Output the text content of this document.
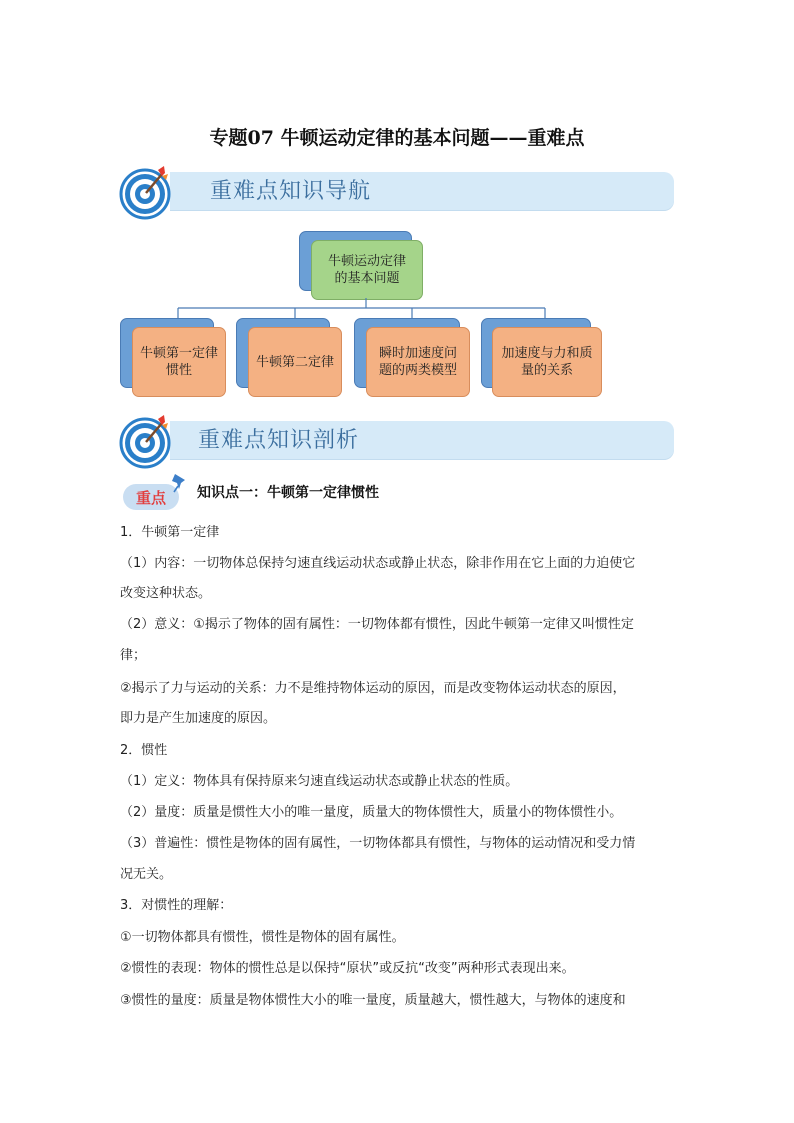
专题07 牛顿运动定律的基本问题——重难点
重难点知识导航
牛顿运动定律的基本问题
牛顿第一定律 惯性
牛顿第二定律
瞬时加速度问题的两类模型
加速度与力和质量的关系
重难点知识剖析
重点	知识点一：牛顿第一定律惯性
1．牛顿第一定律
（1）内容：一切物体总保持匀速直线运动状态或静止状态，除非作用在它上面的力迫使它
改变这种状态。
（2）意义：①揭示了物体的固有属性：一切物体都有惯性，因此牛顿第一定律又叫惯性定
律；
②揭示了力与运动的关系：力不是维持物体运动的原因，而是改变物体运动状态的原因，
即力是产生加速度的原因。
2．惯性
（1）定义：物体具有保持原来匀速直线运动状态或静止状态的性质。
（2）量度：质量是惯性大小的唯一量度，质量大的物体惯性大，质量小的物体惯性小。
（3）普遍性：惯性是物体的固有属性，一切物体都具有惯性，与物体的运动情况和受力情
况无关。
3．对惯性的理解：
①一切物体都具有惯性，惯性是物体的固有属性。
②惯性的表现：物体的惯性总是以保持“原状”或反抗“改变”两种形式表现出来。
③惯性的量度：质量是物体惯性大小的唯一量度，质量越大，惯性越大，与物体的速度和
